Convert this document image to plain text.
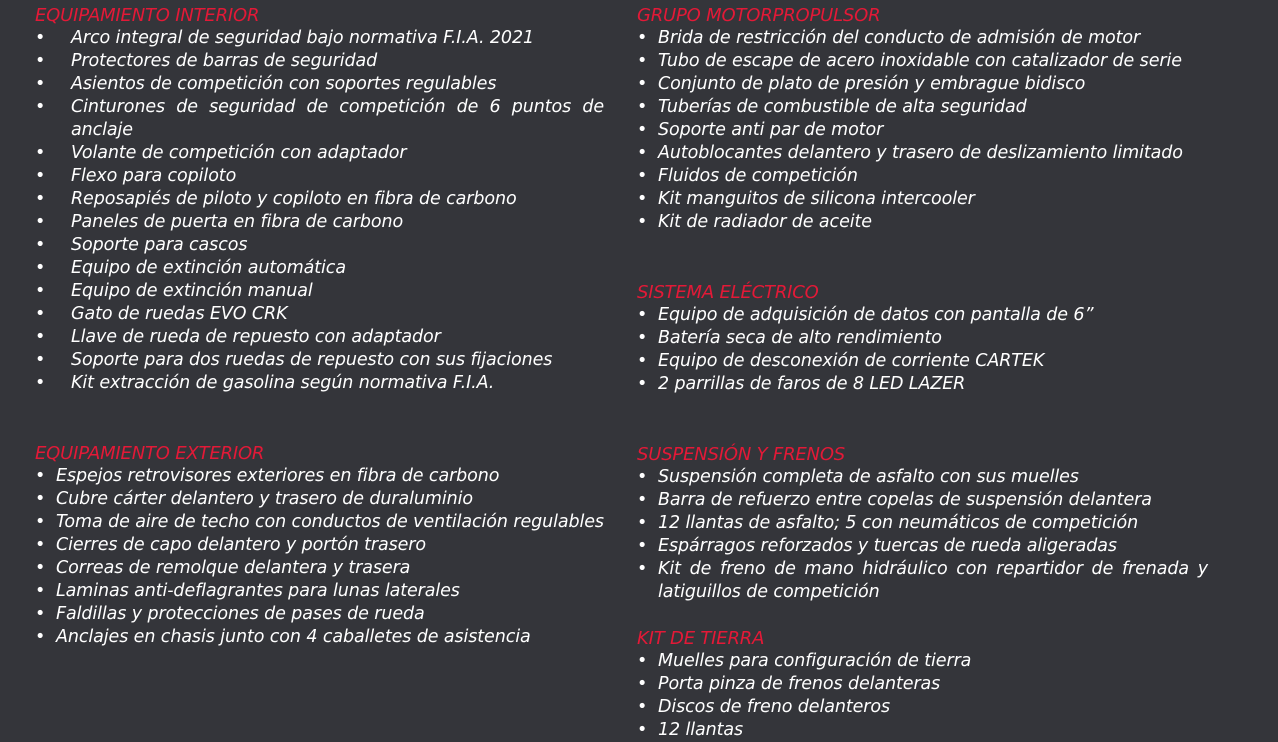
EQUIPAMIENTO INTERIOR
• Arco integral de seguridad bajo normativa F.I.A. 2021
• Protectores de barras de seguridad
• Asientos de competición con soportes regulables
• Cinturones de seguridad de competición de 6 puntos de anclaje
• Volante de competición con adaptador
• Flexo para copiloto
• Reposapiés de piloto y copiloto en fibra de carbono
• Paneles de puerta en fibra de carbono
• Soporte para cascos
• Equipo de extinción automática
• Equipo de extinción manual
• Gato de ruedas EVO CRK
• Llave de rueda de repuesto con adaptador
• Soporte para dos ruedas de repuesto con sus fijaciones
• Kit extracción de gasolina según normativa F.I.A.
EQUIPAMIENTO EXTERIOR
• Espejos retrovisores exteriores en fibra de carbono
• Cubre cárter delantero y trasero de duraluminio
• Toma de aire de techo con conductos de ventilación regulables
• Cierres de capo delantero y portón trasero
• Correas de remolque delantera y trasera
• Laminas anti-deflagrantes para lunas laterales
• Faldillas y protecciones de pases de rueda
• Anclajes en chasis junto con 4 caballetes de asistencia
GRUPO MOTORPROPULSOR
• Brida de restricción del conducto de admisión de motor
• Tubo de escape de acero inoxidable con catalizador de serie
• Conjunto de plato de presión y embrague bidisco
• Tuberías de combustible de alta seguridad
• Soporte anti par de motor
• Autoblocantes delantero y trasero de deslizamiento limitado
• Fluidos de competición
• Kit manguitos de silicona intercooler
• Kit de radiador de aceite
SISTEMA ELÉCTRICO
• Equipo de adquisición de datos con pantalla de 6”
• Batería seca de alto rendimiento
• Equipo de desconexión de corriente CARTEK
• 2 parrillas de faros de 8 LED LAZER
SUSPENSIÓN Y FRENOS
• Suspensión completa de asfalto con sus muelles
• Barra de refuerzo entre copelas de suspensión delantera
• 12 llantas de asfalto; 5 con neumáticos de competición
• Espárragos reforzados y tuercas de rueda aligeradas
• Kit de freno de mano hidráulico con repartidor de frenada y latiguillos de competición
KIT DE TIERRA
• Muelles para configuración de tierra
• Porta pinza de frenos delanteras
• Discos de freno delanteros
• 12 llantas
